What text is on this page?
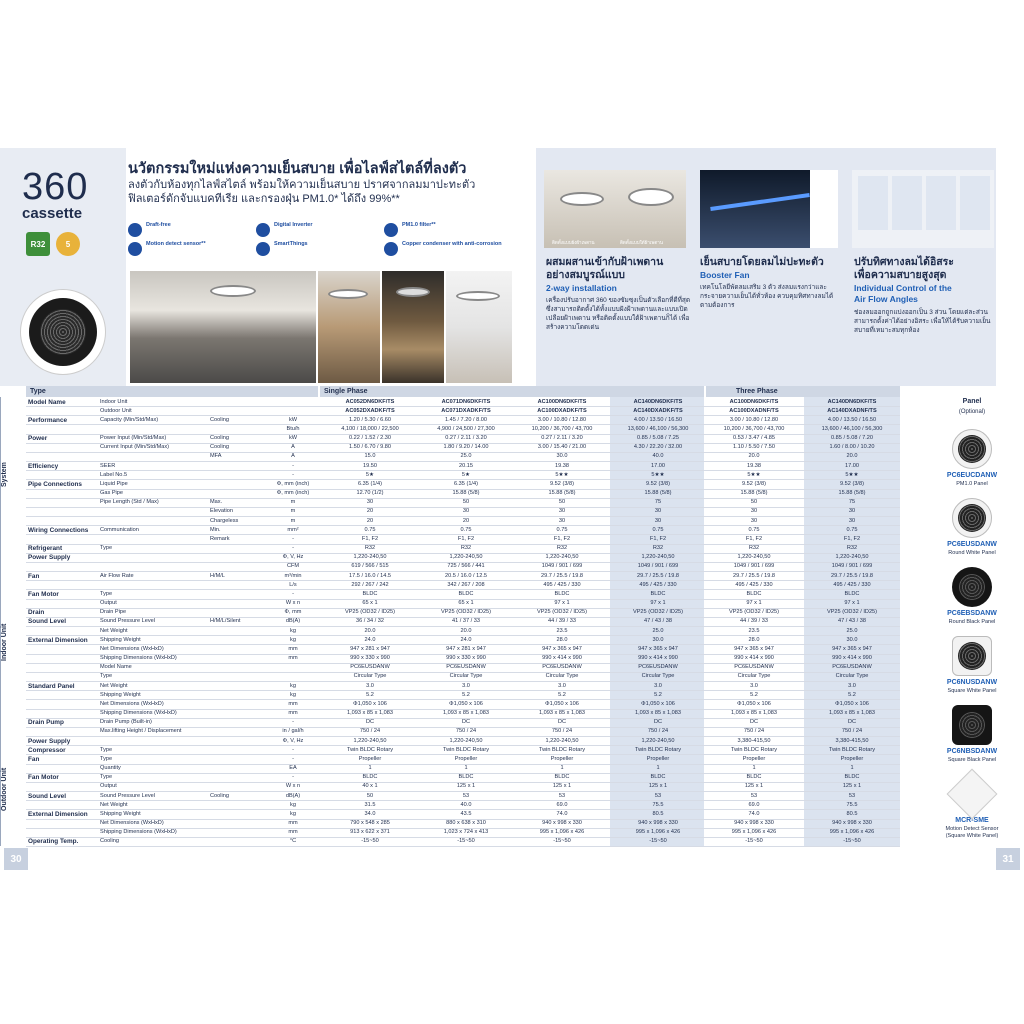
360
cassette
R32	5
นวัตกรรมใหม่แห่งความเย็นสบาย เพื่อไลฟ์สไตล์ที่ลงตัว
ลงตัวกับห้องทุกไลฟ์สไตล์ พร้อมให้ความเย็นสบาย ปราศจากลมมาปะทะตัว
ฟิลเตอร์ดักจับแบคทีเรีย และกรองฝุ่น PM1.0* ได้ถึง 99%**
Draft-free	Digital Inverter	PM1.0 filter**
Motion detect sensor**	SmartThings	Copper condenser with anti-corrosion	ติดตั้งแบบฝังฝ้าเพดาน	ติดตั้งแบบใต้ฝ้าเพดาน
ผสมผสานเข้ากับฝ้าเพดาน
อย่างสมบูรณ์แบบ
2-way installation
เครื่องปรับอากาศ 360 ของซัมซุงเป็นตัวเลือกที่ดีที่สุด ซึ่งสามารถติดตั้งได้ทั้งแบบฝังฝ้าเพดานและแบบเปิดเปลือยฝ้าเพดาน หรือติดตั้งแบบใต้ฝ้าเพดานก็ได้ เพื่อสร้างความโดดเด่น
เย็นสบายโดยลมไม่ปะทะตัว
Booster Fan
เทคโนโลยีพัดลมเสริม 3 ตัว ส่งลมแรงกว่าและกระจายความเย็นได้ทั่วห้อง ควบคุมทิศทางลมได้ตามต้องการ
ปรับทิศทางลมได้อิสระ
เพื่อความสบายสูงสุด
Individual Control of the
Air Flow Angles
ช่องลมออกถูกแบ่งออกเป็น 3 ส่วน โดยแต่ละส่วนสามารถตั้งค่าได้อย่างอิสระ เพื่อให้ได้รับความเย็นสบายที่เหมาะสมทุกห้อง
Type	Single Phase	Three Phase
System
Indoor Unit
Outdoor Unit
Model Name	Indoor Unit	AC052DN6DKF/TS	AC071DN6DKF/TS	AC100DN6DKF/TS	AC140DN6DKF/TS	AC100DN6DKF/TS	AC140DN6DKF/TS
Outdoor Unit	AC052DXADKF/TS	AC071DXADKF/TS	AC100DXADKF/TS	AC140DXADKF/TS	AC100DXADNF/TS	AC140DXADNF/TS
Performance	Capacity (Min/Std/Max)	Cooling	kW	1.20 / 5.30 / 6.60	1.45 / 7.20 / 8.00	3.00 / 10.80 / 12.80	4.00 / 13.50 / 16.50	3.00 / 10.80 / 12.80	4.00 / 13.50 / 16.50
Btu/h	4,100 / 18,000 / 22,500	4,900 / 24,500 / 27,300	10,200 / 36,700 / 43,700	13,600 / 46,100 / 56,300	10,200 / 36,700 / 43,700	13,600 / 46,100 / 56,300
Power	Power Input (Min/Std/Max)	Cooling	kW	0.22 / 1.52 / 2.30	0.27 / 2.11 / 3.20	0.27 / 2.11 / 3.20	0.85 / 5.08 / 7.25	0.53 / 3.47 / 4.85	0.85 / 5.08 / 7.20
Current Input (Min/Std/Max)	Cooling	A	1.50 / 6.70 / 9.80	1.80 / 9.20 / 14.00	3.00 / 15.40 / 21.00	4.30 / 22.20 / 32.00	1.10 / 5.50 / 7.50	1.60 / 8.00 / 10.20
MFA	A	15.0	25.0	30.0	40.0	20.0	20.0
Efficiency	SEER	-	19.50	20.15	19.38	17.00	19.38	17.00
Label No.5	-	5★	5★	5★★	5★★	5★★	5★★
Pipe Connections	Liquid Pipe	Φ, mm (inch)	6.35 (1/4)	6.35 (1/4)	9.52 (3/8)	9.52 (3/8)	9.52 (3/8)	9.52 (3/8)
Gas Pipe	Φ, mm (inch)	12.70 (1/2)	15.88 (5/8)	15.88 (5/8)	15.88 (5/8)	15.88 (5/8)	15.88 (5/8)
Pipe Length (Std / Max)	Max.	m	30	50	50	75	50	75
Elevation	m	20	30	30	30	30	30
Chargeless	m	20	20	30	30	30	30
Wiring Connections Communication	Min.	mm²	0.75	0.75	0.75	0.75	0.75	0.75
Remark	-	F1, F2	F1, F2	F1, F2	F1, F2	F1, F2	F1, F2
Refrigerant	Type	-	R32	R32	R32	R32	R32	R32
Power Supply	Φ, V, Hz	1,220-240,50	1,220-240,50	1,220-240,50	1,220-240,50	1,220-240,50	1,220-240,50
CFM	619 / 566 / 515	725 / 566 / 441	1049 / 901 / 699	1049 / 901 / 699	1049 / 901 / 699	1049 / 901 / 699
Fan	Air Flow Rate	H/M/L	m³/min	17.5 / 16.0 / 14.5	20.5 / 16.0 / 12.5	29.7 / 25.5 / 19.8	29.7 / 25.5 / 19.8	29.7 / 25.5 / 19.8	29.7 / 25.5 / 19.8
L/s	292 / 267 / 242	342 / 267 / 208	495 / 425 / 330	495 / 425 / 330	495 / 425 / 330	495 / 425 / 330
Fan Motor	Type	-	BLDC	BLDC	BLDC	BLDC	BLDC	BLDC
Output	W x n	65 x 1	65 x 1	97 x 1	97 x 1	97 x 1	97 x 1
Drain	Drain Pipe	Φ, mm	VP25 (OD32 / ID25)	VP25 (OD32 / ID25)	VP25 (OD32 / ID25)	VP25 (OD32 / ID25)	VP25 (OD32 / ID25)	VP25 (OD32 / ID25)
Sound Level	Sound Pressure Level	H/M/L/Silent	dB(A)	36 / 34 / 32	41 / 37 / 33	44 / 39 / 33	47 / 43 / 38	44 / 39 / 33	47 / 43 / 38
Net Weight	kg	20.0	20.0	23.5	25.0	23.5	25.0
External Dimension Shipping Weight	kg	24.0	24.0	28.0	30.0	28.0	30.0
Net Dimensions (WxHxD)	mm	947 x 281 x 947	947 x 281 x 947	947 x 365 x 947	947 x 365 x 947	947 x 365 x 947	947 x 365 x 947
Shipping Dimensions (WxHxD)	mm	990 x 330 x 990	990 x 330 x 990	990 x 414 x 990	990 x 414 x 990	990 x 414 x 990	990 x 414 x 990
Model Name	PC6EUSDANW	PC6EUSDANW	PC6EUSDANW	PC6EUSDANW	PC6EUSDANW	PC6EUSDANW
Type	Circular Type	Circular Type	Circular Type	Circular Type	Circular Type	Circular Type
Standard Panel	Net Weight	kg	3.0	3.0	3.0	3.0	3.0	3.0
Shipping Weight	kg	5.2	5.2	5.2	5.2	5.2	5.2
Net Dimensions (WxHxD)	mm	Φ1,050 x 106	Φ1,050 x 106	Φ1,050 x 106	Φ1,050 x 106	Φ1,050 x 106	Φ1,050 x 106
Shipping Dimensions (WxHxD)	mm	1,093 x 85 x 1,083	1,093 x 85 x 1,083	1,093 x 85 x 1,083	1,093 x 85 x 1,083	1,093 x 85 x 1,083	1,093 x 85 x 1,083
Drain Pump	Drain Pump (Built-in)	-	DC	DC	DC	DC	DC	DC
Max.lifting Height / Displacement	in / gal/h	750 / 24	750 / 24	750 / 24	750 / 24	750 / 24	750 / 24
Power Supply	Φ, V, Hz	1,220-240,50	1,220-240,50	1,220-240,50	1,220-240,50	3,380-415,50	3,380-415,50
Compressor	Type	-	Twin BLDC Rotary	Twin BLDC Rotary	Twin BLDC Rotary	Twin BLDC Rotary	Twin BLDC Rotary	Twin BLDC Rotary
Fan	Type	-	Propeller	Propeller	Propeller	Propeller	Propeller	Propeller
Quantity	EA	1	1	1	1	1	1
Fan Motor	Type	-	BLDC	BLDC	BLDC	BLDC	BLDC	BLDC
Output	W x n	40 x 1	125 x 1	125 x 1	125 x 1	125 x 1	125 x 1
Sound Level	Sound Pressure Level	Cooling	dB(A)	50	53	53	53	53	53
Net Weight	kg	31.5	40.0	69.0	75.5	69.0	75.5
External Dimension Shipping Weight	kg	34.0	43.5	74.0	80.5	74.0	80.5
Net Dimensions (WxHxD)	mm	790 x 548 x 285	880 x 638 x 310	940 x 998 x 330	940 x 998 x 330	940 x 998 x 330	940 x 998 x 330
Shipping Dimensions (WxHxD)	mm	913 x 622 x 371	1,023 x 724 x 413	995 x 1,096 x 426	995 x 1,096 x 426	995 x 1,096 x 426	995 x 1,096 x 426
Operating Temp.	Cooling	°C	-15~50	-15~50	-15~50	-15~50	-15~50	-15~50
Panel
(Optional)
PC6EUCDANW
PM1.0 Panel
PC6EUSDANW
Round White Panel
PC6EBSDANW
Round Black Panel
PC6NUSDANW
Square White Panel
PC6NBSDANW
Square Black Panel
MCR-SME
Motion Detect Sensor
(Square White Panel)
30	31
